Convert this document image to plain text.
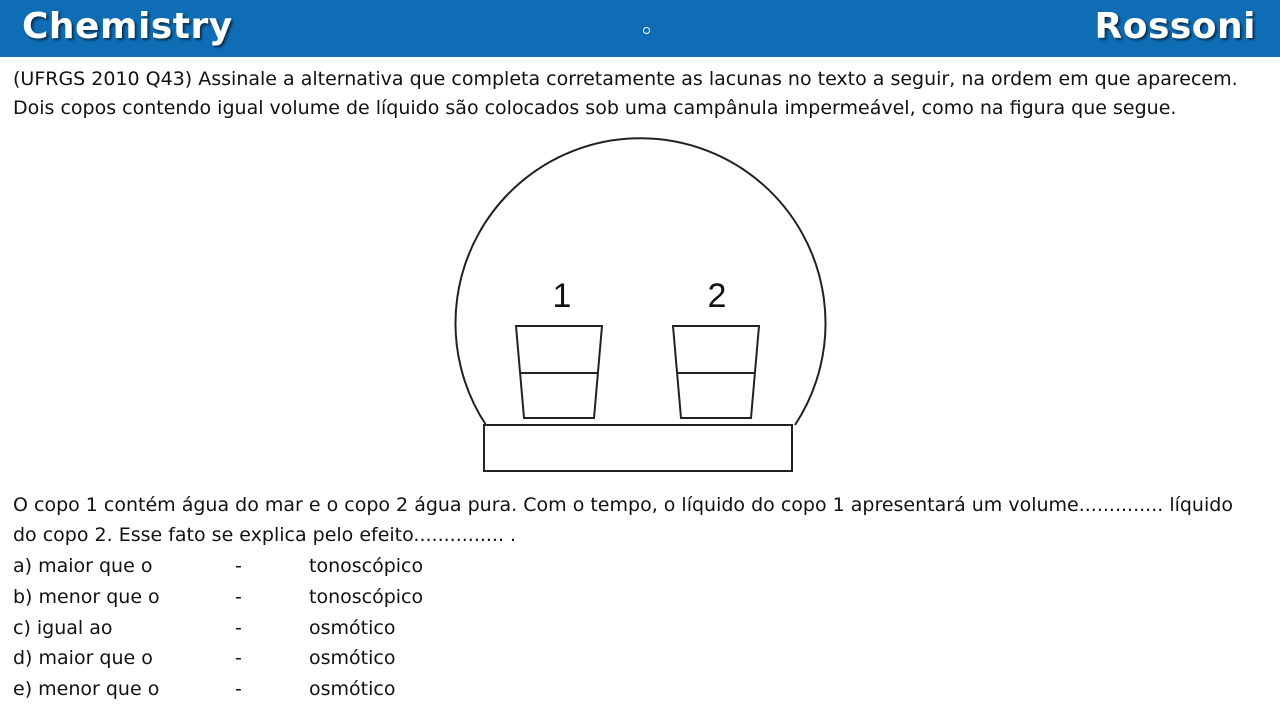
Chemistry	Rossoni
(UFRGS 2010 Q43) Assinale a alternativa que completa corretamente as lacunas no texto a seguir, na ordem em que aparecem.
Dois copos contendo igual volume de líquido são colocados sob uma campânula impermeável, como na figura que segue.
1	2
O copo 1 contém água do mar e o copo 2 água pura. Com o tempo, o líquido do copo 1 apresentará um volume.............. líquido
do copo 2. Esse fato se explica pelo efeito............... .
a) maior que o	-	tonoscópico
b) menor que o	-	tonoscópico
c) igual ao	-	osmótico
d) maior que o	-	osmótico
e) menor que o	-	osmótico
